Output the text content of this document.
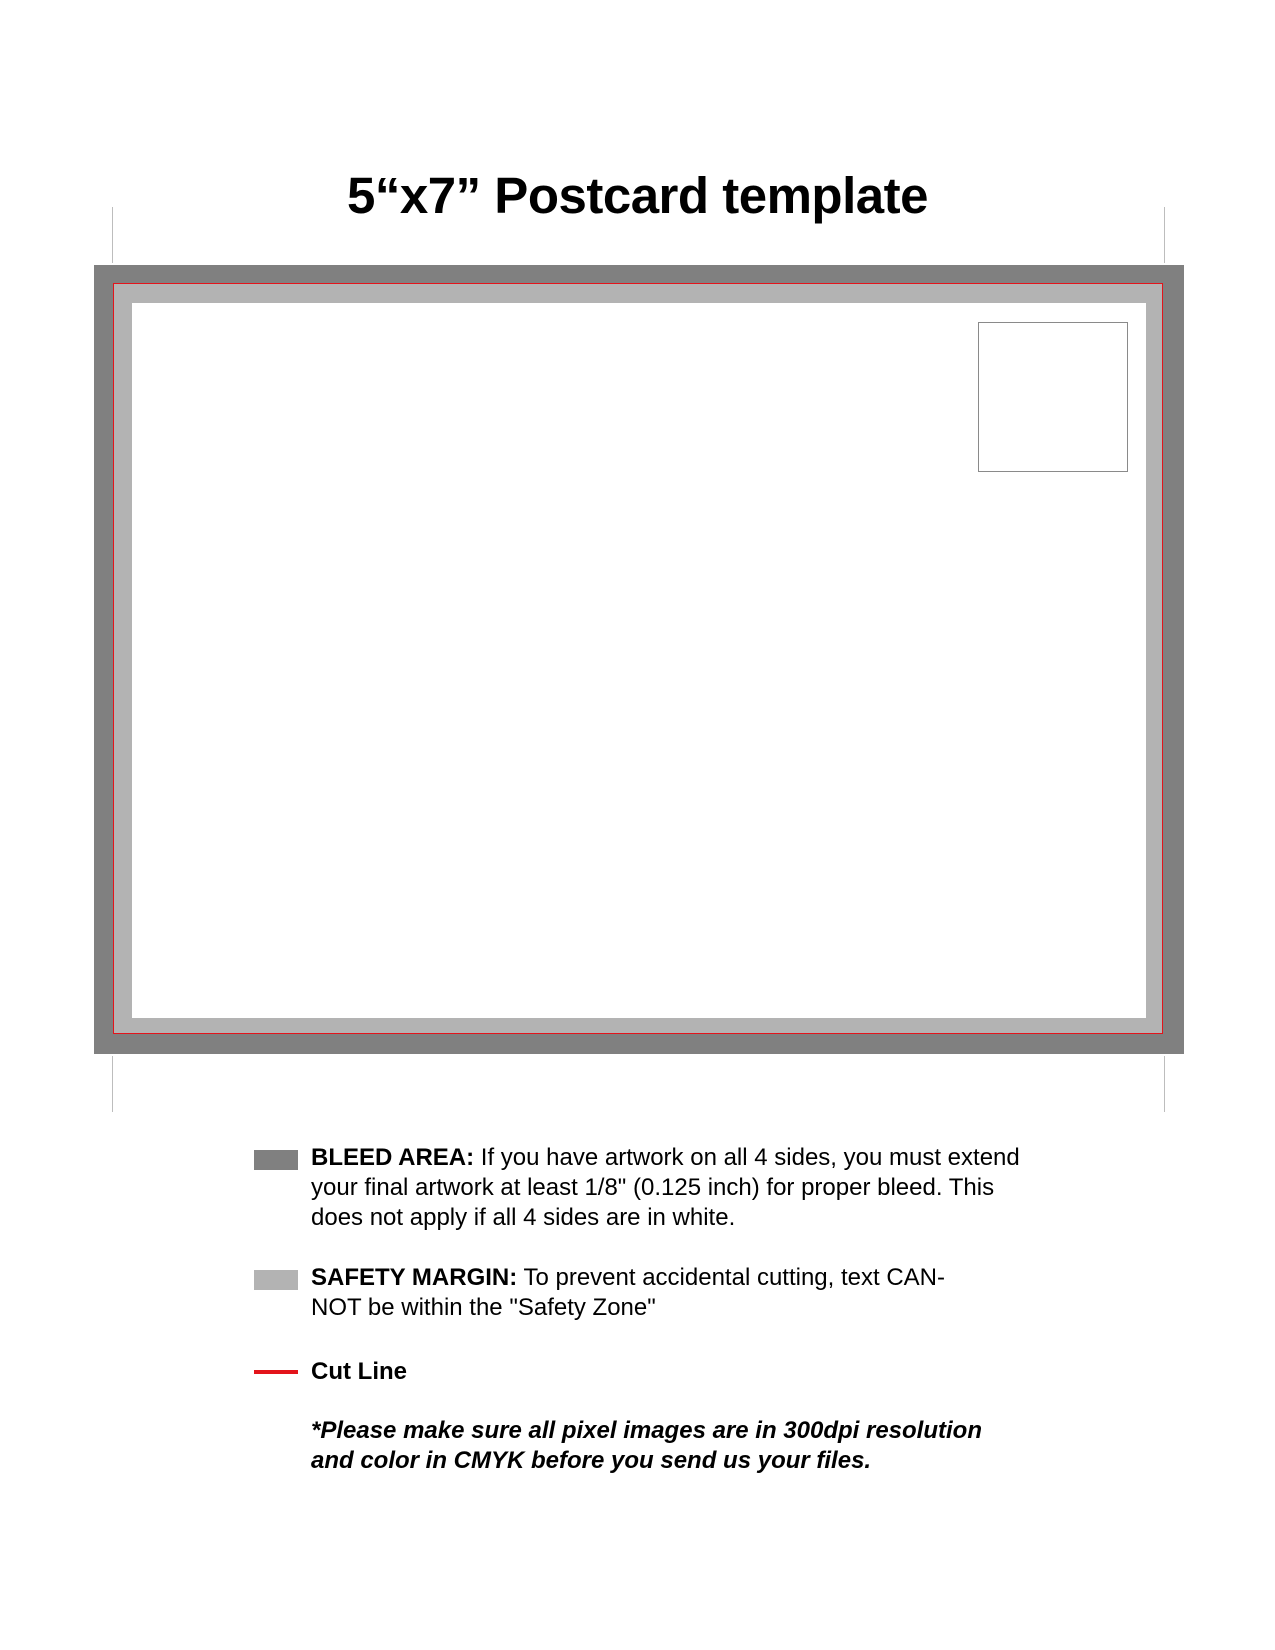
5“x7” Postcard template
BLEED AREA: If you have artwork on all 4 sides, you must extend your final artwork at least 1/8" (0.125 inch) for proper bleed. This does not apply if all 4 sides are in white.
SAFETY MARGIN: To prevent accidental cutting, text CAN-NOT be within the "Safety Zone"
Cut Line
*Please make sure all pixel images are in 300dpi resolution
and color in CMYK before you send us your files.
